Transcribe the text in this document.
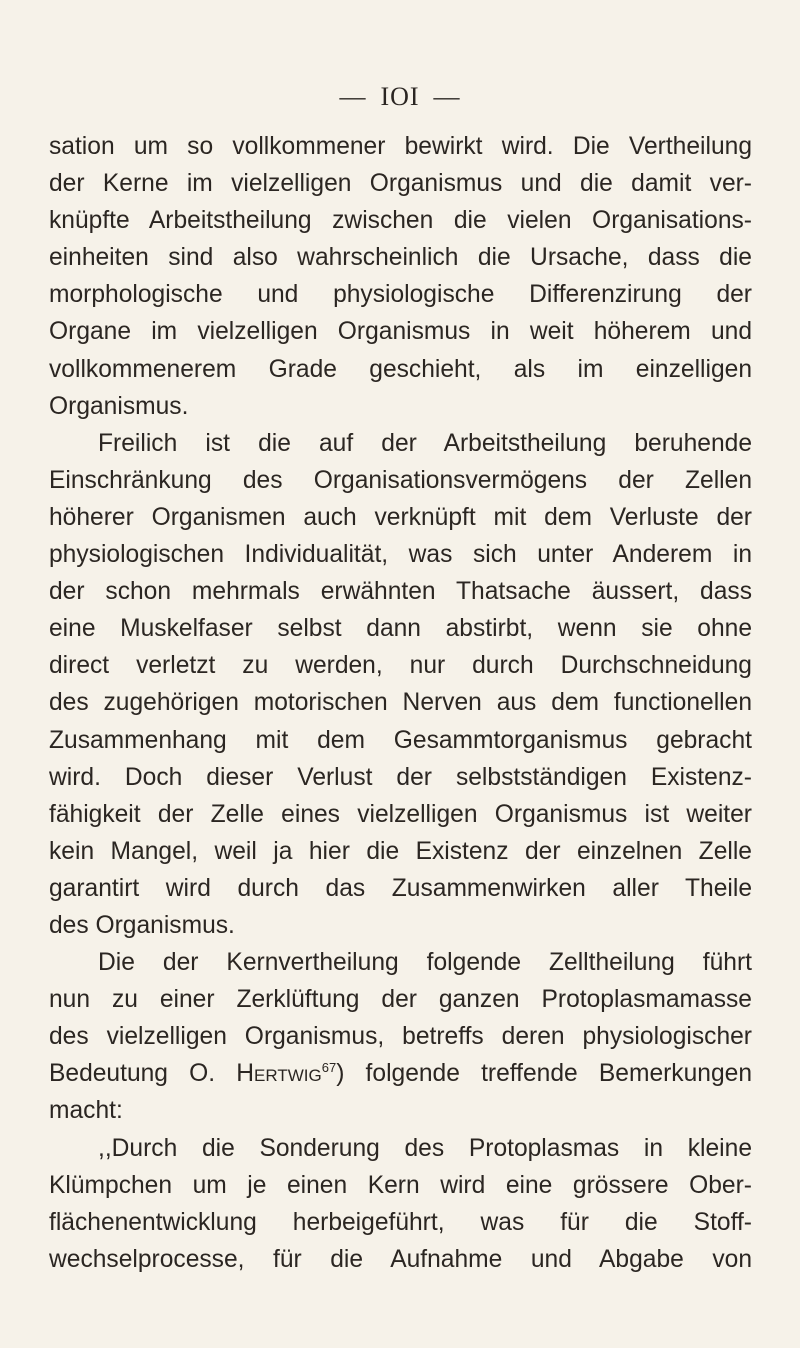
— IOI —
sation um so vollkommener bewirkt wird. Die Vertheilung
der Kerne im vielzelligen Organismus und die damit ver-
knüpfte Arbeitstheilung zwischen die vielen Organisations-
einheiten sind also wahrscheinlich die Ursache, dass die
morphologische und physiologische Differenzirung der
Organe im vielzelligen Organismus in weit höherem und
vollkommenerem Grade geschieht, als im einzelligen
Organismus.
Freilich ist die auf der Arbeitstheilung beruhende
Einschränkung des Organisationsvermögens der Zellen
höherer Organismen auch verknüpft mit dem Verluste der
physiologischen Individualität, was sich unter Anderem in
der schon mehrmals erwähnten Thatsache äussert, dass
eine Muskelfaser selbst dann abstirbt, wenn sie ohne
direct verletzt zu werden, nur durch Durchschneidung
des zugehörigen motorischen Nerven aus dem functionellen
Zusammenhang mit dem Gesammtorganismus gebracht
wird. Doch dieser Verlust der selbstständigen Existenz-
fähigkeit der Zelle eines vielzelligen Organismus ist weiter
kein Mangel, weil ja hier die Existenz der einzelnen Zelle
garantirt wird durch das Zusammenwirken aller Theile
des Organismus.
Die der Kernvertheilung folgende Zelltheilung führt
nun zu einer Zerklüftung der ganzen Protoplasmamasse
des vielzelligen Organismus, betreffs deren physiologischer
Bedeutung O. Hertwig$^{67}$) folgende treffende Bemerkungen
macht:
,,Durch die Sonderung des Protoplasmas in kleine
Klümpchen um je einen Kern wird eine grössere Ober-
flächenentwicklung herbeigeführt, was für die Stoff-
wechselprocesse, für die Aufnahme und Abgabe von
